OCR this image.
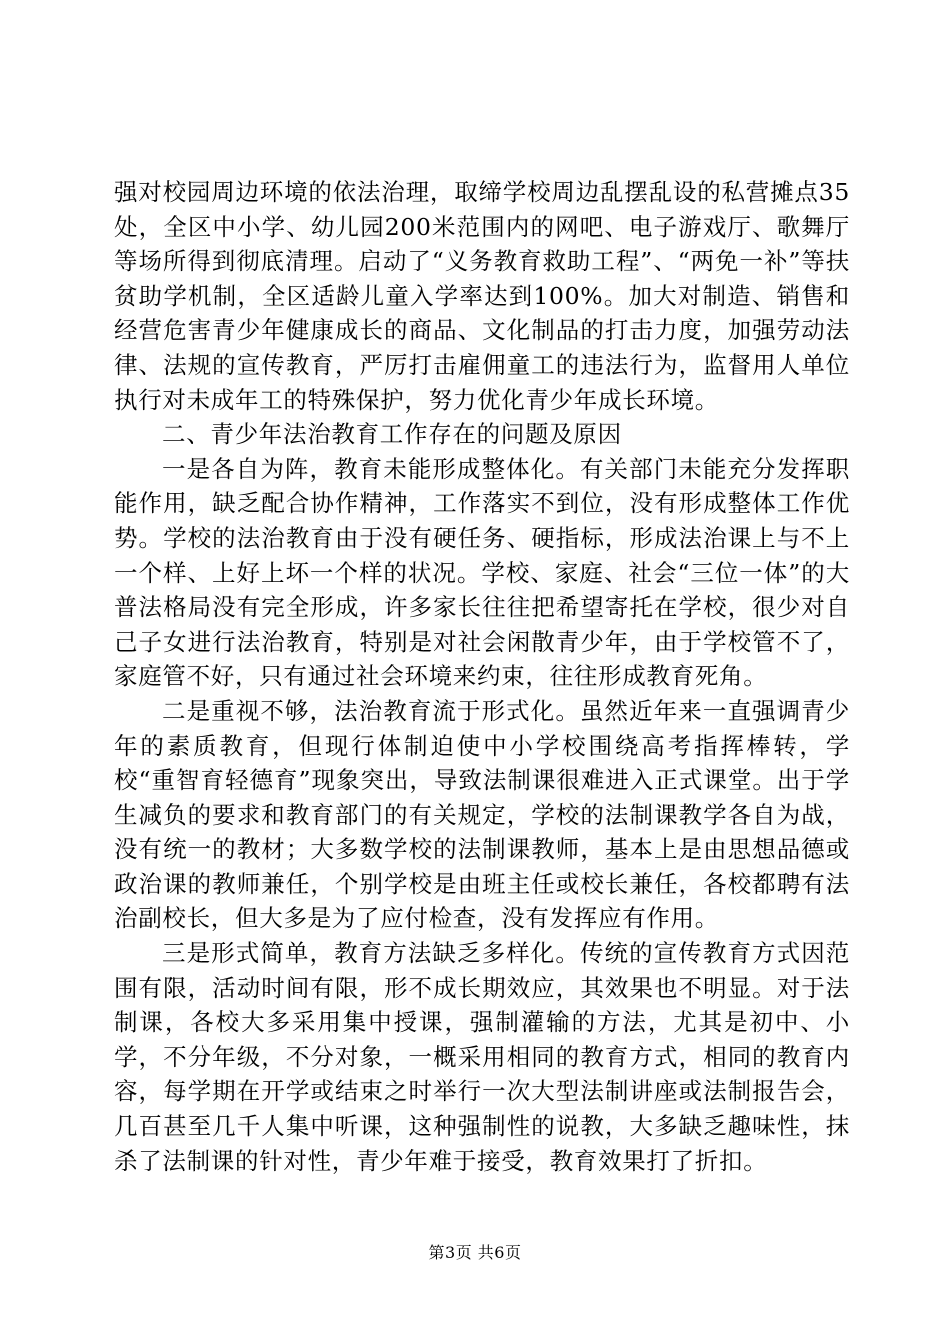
强对校园周边环境的依法治理，取缔学校周边乱摆乱设的私营摊点35处，全区中小学、幼儿园200米范围内的网吧、电子游戏厅、歌舞厅等场所得到彻底清理。启动了“义务教育救助工程”、“两免一补”等扶贫助学机制，全区适龄儿童入学率达到100%。加大对制造、销售和经营危害青少年健康成长的商品、文化制品的打击力度，加强劳动法律、法规的宣传教育，严厉打击雇佣童工的违法行为，监督用人单位执行对未成年工的特殊保护，努力优化青少年成长环境。

二、青少年法治教育工作存在的问题及原因

一是各自为阵，教育未能形成整体化。有关部门未能充分发挥职能作用，缺乏配合协作精神，工作落实不到位，没有形成整体工作优势。学校的法治教育由于没有硬任务、硬指标，形成法治课上与不上一个样、上好上坏一个样的状况。学校、家庭、社会“三位一体”的大普法格局没有完全形成，许多家长往往把希望寄托在学校，很少对自己子女进行法治教育，特别是对社会闲散青少年，由于学校管不了，家庭管不好，只有通过社会环境来约束，往往形成教育死角。

二是重视不够，法治教育流于形式化。虽然近年来一直强调青少年的素质教育，但现行体制迫使中小学校围绕高考指挥棒转，学校“重智育轻德育”现象突出，导致法制课很难进入正式课堂。出于学生减负的要求和教育部门的有关规定，学校的法制课教学各自为战，没有统一的教材；大多数学校的法制课教师，基本上是由思想品德或政治课的教师兼任，个别学校是由班主任或校长兼任，各校都聘有法治副校长，但大多是为了应付检查，没有发挥应有作用。

三是形式简单，教育方法缺乏多样化。传统的宣传教育方式因范围有限，活动时间有限，形不成长期效应，其效果也不明显。对于法制课，各校大多采用集中授课，强制灌输的方法，尤其是初中、小学，不分年级，不分对象，一概采用相同的教育方式，相同的教育内容，每学期在开学或结束之时举行一次大型法制讲座或法制报告会，几百甚至几千人集中听课，这种强制性的说教，大多缺乏趣味性，抹杀了法制课的针对性，青少年难于接受，教育效果打了折扣。

第3页 共6页
